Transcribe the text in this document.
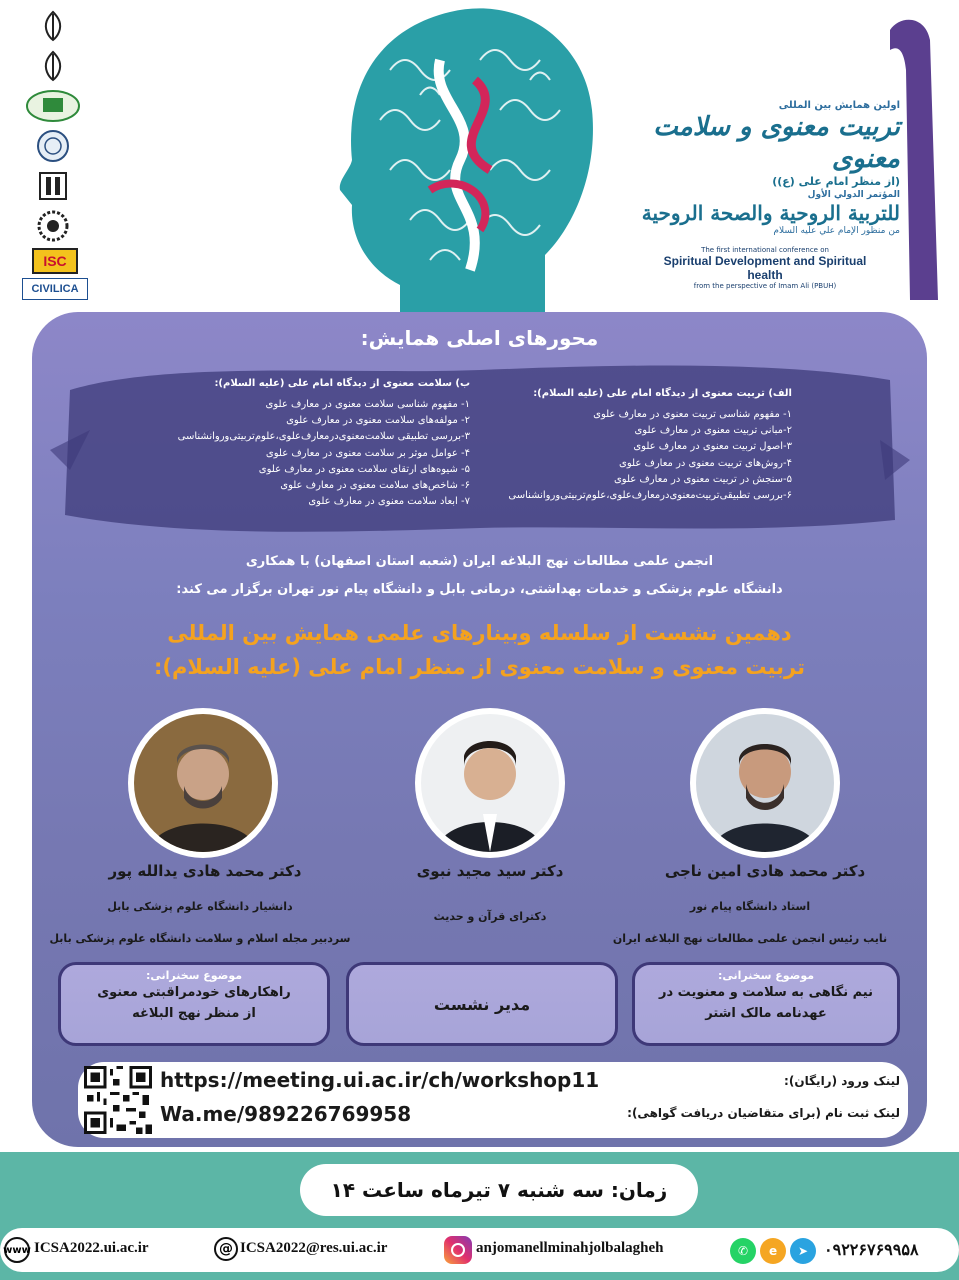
ISC
CIVILICA
اولین همایش بین المللی
تربیت معنوی و سلامت معنوی
(از منظر امام علی (ع))
المؤتمر الدولي الأول
للتربية الروحية والصحة الروحية
من منظور الإمام علي عليه السلام
The first international conference on
Spiritual Development and Spiritual health
from the perspective of Imam Ali (PBUH)
محورهای اصلی همایش:
ب) سلامت معنوی از دیدگاه امام علی (علیه السلام):
۱- مفهوم شناسی سلامت معنوی در معارف علوی
۲- مولفه‌های سلامت معنوی در معارف علوی
۳-بررسی تطبیقی سلامت‌معنوی‌در‌معارف‌علوی،علوم‌تربیتی‌وروانشناسی
۴- عوامل موثر بر سلامت معنوی در معارف علوی
۵- شیوه‌های ارتقای سلامت معنوی در معارف علوی
۶- شاخص‌های سلامت معنوی در معارف علوی
۷- ابعاد سلامت معنوی در معارف علوی
الف) تربیت معنوی از دیدگاه امام علی (علیه السلام):
۱- مفهوم شناسی تربیت معنوی در معارف علوی
۲-مبانی تربیت معنوی در معارف علوی
۳-اصول تربیت معنوی در معارف علوی
۴-روش‌های تربیت معنوی در معارف علوی
۵-سنجش در تربیت معنوی در معارف علوی
۶-بررسی تطبیقی‌تربیت‌معنوی‌درمعارف‌علوی،علوم‌تربیتی‌وروانشناسی
انجمن علمی مطالعات نهج البلاغه ایران (شعبه استان اصفهان) با همکاری
دانشگاه علوم پزشکی و خدمات بهداشتی، درمانی بابل و دانشگاه پیام نور تهران برگزار می کند:
دهمین نشست از سلسله وبینارهای علمی همایش بین المللی
تربیت معنوی و سلامت معنوی از منظر امام علی (علیه السلام):
دکتر محمد هادی امین ناجی
استاد دانشگاه پیام نور
نایب رئیس انجمن علمی مطالعات نهج البلاغه ایران
دکتر سید مجید نبوی
دکترای قرآن و حدیث
دکتر محمد هادی یدالله پور
دانشیار دانشگاه علوم پزشکی بابل
سردبیر مجله اسلام و سلامت دانشگاه علوم پزشکی بابل
موضوع سخنرانی:
نیم نگاهی به سلامت و معنویت در
عهدنامه مالک اشتر
مدیر نشست
موضوع سخنرانی:
راهکارهای خودمراقبتی معنوی
از منظر نهج البلاغه
https://meeting.ui.ac.ir/ch/workshop11
Wa.me/989226769958
لینک ورود (رایگان):
لینک ثبت نام (برای متقاضیان دریافت گواهی):
زمان: سه شنبه ۷ تیرماه ساعت ۱۴
www ICSA2022.ui.ac.ir	@ ICSA2022@res.ui.ac.ir	anjomanellminahjolbalagheh	✆	e	➤ ۰۹۲۲۶۷۶۹۹۵۸
